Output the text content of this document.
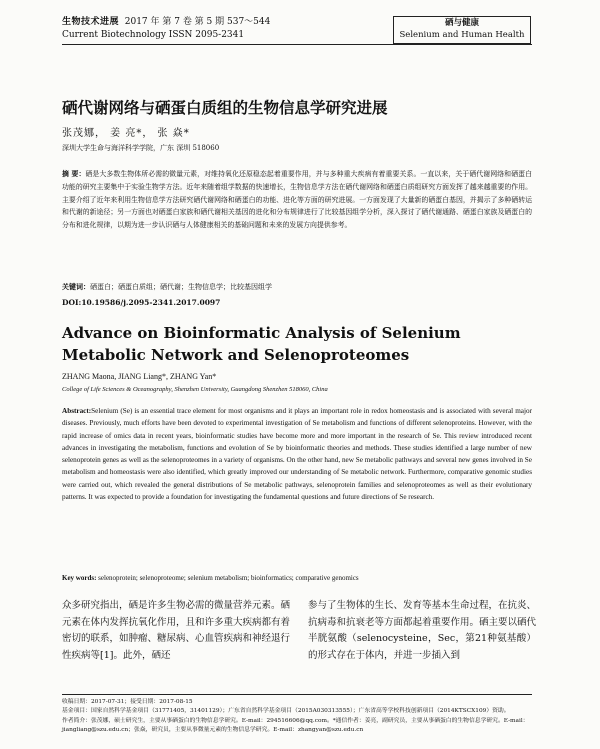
生物技术进展 2017 年 第 7 卷 第 5 期 537～544
Current Biotechnology ISSN 2095-2341
硒与健康
Selenium and Human Health
硒代谢网络与硒蛋白质组的生物信息学研究进展
张茂娜， 姜 亮*， 张 焱*
深圳大学生命与海洋科学学院，广东 深圳 518060

摘 要：硒是大多数生物体所必需的微量元素，对维持氧化还原稳态起着重要作用，并与多种重大疾病有着重要关系。一直以来，关于硒代谢网络和硒蛋白功能的研究主要集中于实验生物学方法。近年来随着组学数据的快速增长，生物信息学方法在硒代谢网络和硒蛋白质组研究方面发挥了越来越重要的作用。主要介绍了近年来利用生物信息学方法研究硒代谢网络和硒蛋白的功能、进化等方面的研究进展。一方面发现了大量新的硒蛋白基因，并揭示了多种硒转运和代谢的新途径；另一方面也对硒蛋白家族和硒代谢相关基因的进化和分布规律进行了比较基因组学分析，深入探讨了硒代谢通路、硒蛋白家族及硒蛋白的分布和进化规律，以期为进一步认识硒与人体健康相关的基础问题和未来的发展方向提供参考。

关键词：硒蛋白；硒蛋白质组；硒代谢；生物信息学；比较基因组学
DOI:10.19586/j.2095-2341.2017.0097
Advance on Bioinformatic Analysis of Selenium Metabolic Network and Selenoproteomes
ZHANG Maona, JIANG Liang*, ZHANG Yan*
College of Life Sciences & Oceanography, Shenzhen University, Guangdong Shenzhen 518060, China

Abstract:Selenium (Se) is an essential trace element for most organisms and it plays an important role in redox homeostasis and is associated with several major diseases. Previously, much efforts have been devoted to experimental investigation of Se metabolism and functions of different selenoproteins. However, with the rapid increase of omics data in recent years, bioinformatic studies have become more and more important in the research of Se. This review introduced recent advances in investigating the metabolism, functions and evolution of Se by bioinformatic theories and methods. These studies identified a large number of new selenoprotein genes as well as the selenoproteomes in a variety of organisms. On the other hand, new Se metabolic pathways and several new genes involved in Se metabolism and homeostasis were also identified, which greatly improved our understanding of Se metabolic network. Furthermore, comparative genomic studies were carried out, which revealed the general distributions of Se metabolic pathways, selenoprotein families and selenoproteomes as well as their evolutionary patterns. It was expected to provide a foundation for investigating the fundamental questions and future directions of Se research.

Key words: selenoprotein; selenoproteome; selenium metabolism; bioinformatics; comparative genomics

众多研究指出，硒是许多生物必需的微量营养元素。硒元素在体内发挥抗氧化作用，且和许多重大疾病都有着密切的联系，如肿瘤、糖尿病、心血管疾病和神经退行性疾病等[1]。此外，硒还

参与了生物体的生长、发育等基本生命过程，在抗炎、抗病毒和抗衰老等方面都起着重要作用。硒主要以硒代半胱氨酸（selenocysteine，Sec，第21种氨基酸）的形式存在于体内，并进一步插入到

收稿日期：2017-07-31；接受日期：2017-08-15
基金项目：国家自然科学基金项目（31771405，31401129）；广东省自然科学基金项目（2015A030313555）；广东省高等学校科技创新项目（2014KTSCX109）资助。
作者简介：张茂娜，硕士研究生，主要从事硒蛋白的生物信息学研究。E-mail：294516606@qq.com。*通信作者：姜亮，副研究员，主要从事硒蛋白的生物信息学研究。E-mail：jiangliang@szu.edu.cn；张焱，研究员，主要从事微量元素的生物信息学研究。E-mail：zhangyan@szu.edu.cn
